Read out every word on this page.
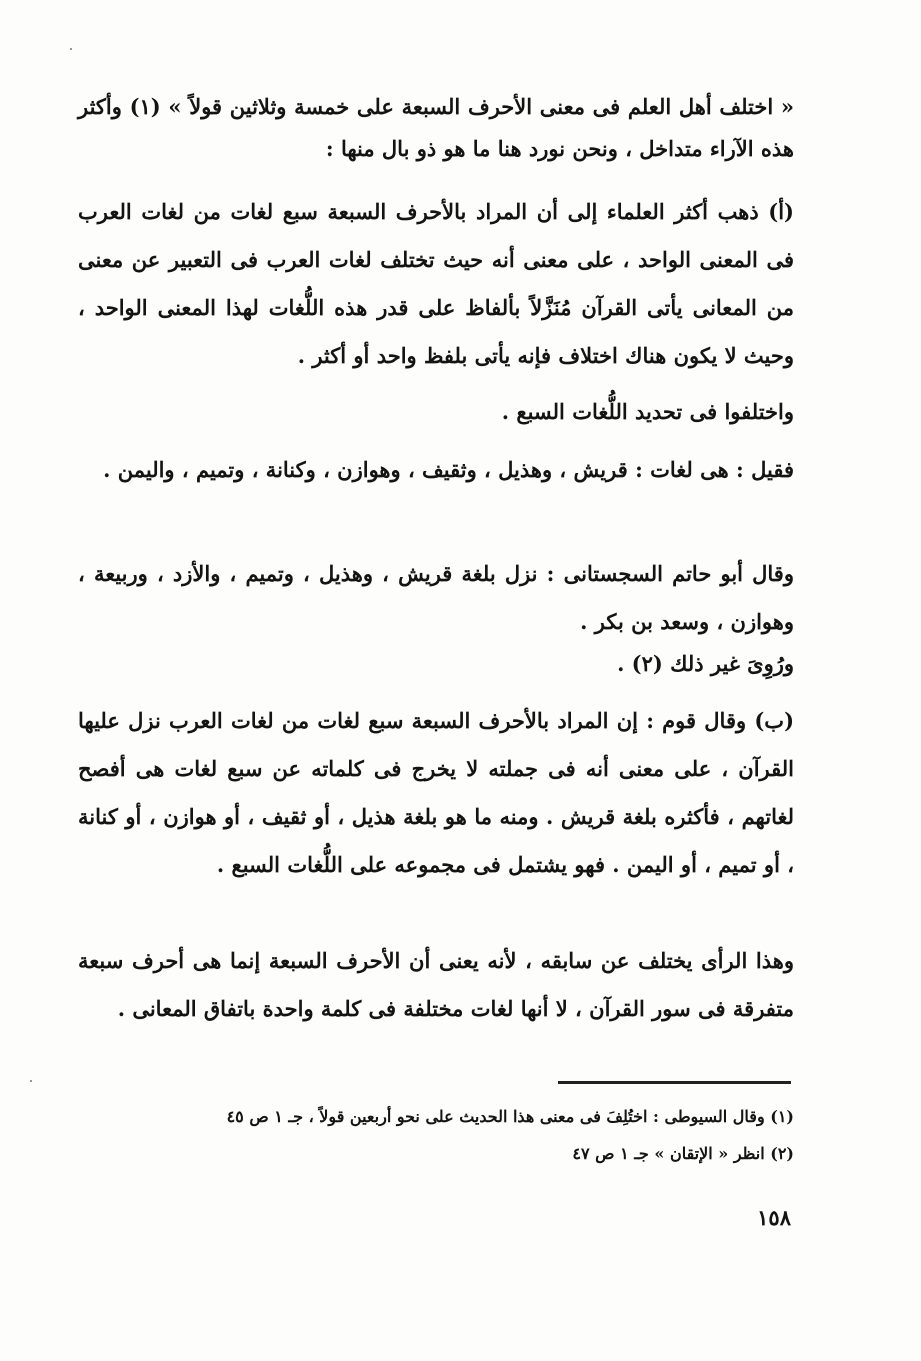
« اختلف أهل العلم فى معنى الأحرف السبعة على خمسة وثلاثين قولاً » (١) وأكثر هذه الآراء متداخل ، ونحن نورد هنا ما هو ذو بال منها :

(أ) ذهب أكثر العلماء إلى أن المراد بالأحرف السبعة سبع لغات من لغات العرب فى المعنى الواحد ، على معنى أنه حيث تختلف لغات العرب فى التعبير عن معنى من المعانى يأتى القرآن مُنَزَّلاً بألفاظ على قدر هذه اللُّغات لهذا المعنى الواحد ، وحيث لا يكون هناك اختلاف فإنه يأتى بلفظ واحد أو أكثر .

واختلفوا فى تحديد اللُّغات السبع .

فقيل : هى لغات : قريش ، وهذيل ، وثقيف ، وهوازن ، وكنانة ، وتميم ، واليمن .

وقال أبو حاتم السجستانى : نزل بلغة قريش ، وهذيل ، وتميم ، والأزد ، وربيعة ، وهوازن ، وسعد بن بكر .

ورُوِىَ غير ذلك (٢) .

(ب) وقال قوم : إن المراد بالأحرف السبعة سبع لغات من لغات العرب نزل عليها القرآن ، على معنى أنه فى جملته لا يخرج فى كلماته عن سبع لغات هى أفصح لغاتهم ، فأكثره بلغة قريش . ومنه ما هو بلغة هذيل ، أو ثقيف ، أو هوازن ، أو كنانة ، أو تميم ، أو اليمن . فهو يشتمل فى مجموعه على اللُّغات السبع .

وهذا الرأى يختلف عن سابقه ، لأنه يعنى أن الأحرف السبعة إنما هى أحرف سبعة متفرقة فى سور القرآن ، لا أنها لغات مختلفة فى كلمة واحدة باتفاق المعانى .

(١) وقال السيوطى : اختُلِفَ فى معنى هذا الحديث على نحو أربعين قولاً ، جـ ١ ص ٤٥

(٢) انظر « الإتقان » جـ ١ ص ٤٧

١٥٨
